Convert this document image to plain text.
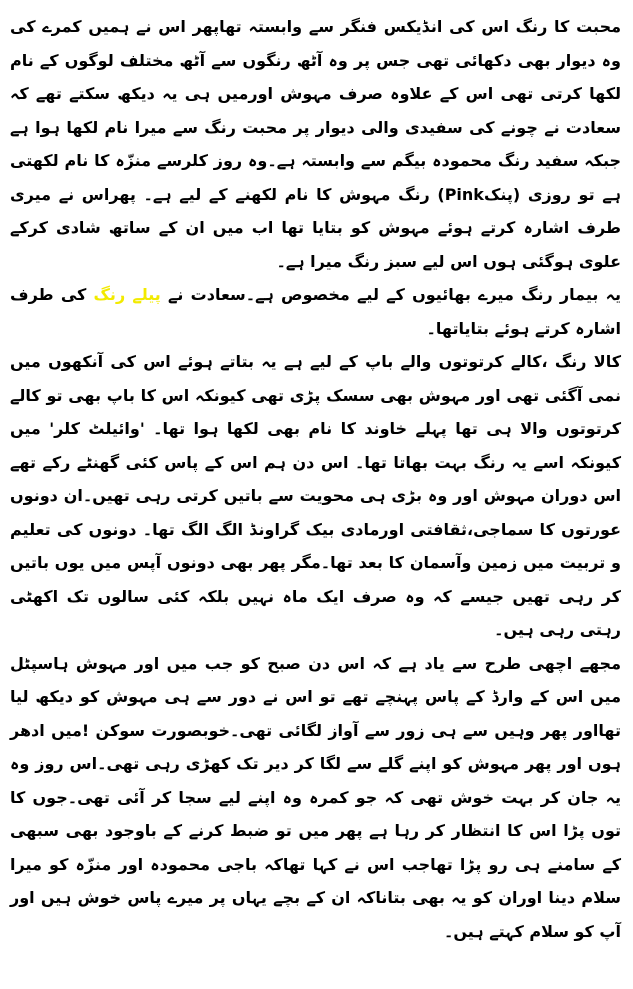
محبت کا رنگ اس کی انڈیکس فنگر سے وابستہ تھاپھر اس نے ہمیں کمرے کی وہ دیوار بھی دکھائی تھی جس پر وہ آٹھ رنگوں سے آٹھ مختلف لوگوں کے نام لکھا کرتی تھی اس کے علاوہ صرف مہوش اورمیں ہی یہ دیکھ سکتے تھے کہ سعادت نے چونے کی سفیدی والی دیوار پر محبت رنگ سے میرا نام لکھا ہوا ہے جبکہ سفید رنگ محمودہ بیگم سے وابستہ ہے۔وہ روز کلرسے منزّہ کا نام لکھتی ہے تو روزی (پنکPink) رنگ مہوش کا نام لکھنے کے لیے ہے۔ پھراس نے میری طرف اشارہ کرتے ہوئے مہوش کو بتایا تھا اب میں ان کے ساتھ شادی کرکے علوی ہوگئی ہوں اس لیے سبز رنگ میرا ہے۔

یہ بیمار رنگ میرے بھائیوں کے لیے مخصوص ہے۔سعادت نے پیلے رنگ کی طرف اشارہ کرتے ہوئے بتایاتھا۔

کالا رنگ ،کالے کرتوتوں والے باپ کے لیے ہے یہ بتاتے ہوئے اس کی آنکھوں میں نمی آگئی تھی اور مہوش بھی سسک پڑی تھی کیونکہ اس کا باپ بھی تو کالے کرتوتوں والا ہی تھا پہلے خاوند کا نام بھی لکھا ہوا تھا۔ 'وائیلٹ کلر' میں کیونکہ اسے یہ رنگ بہت بھاتا تھا۔ اس دن ہم اس کے پاس کئی گھنٹے رکے تھے اس دوران مہوش اور وہ بڑی ہی محویت سے باتیں کرتی رہی تھیں۔ان دونوں عورتوں کا سماجی،ثقافتی اورمادی بیک گراونڈ الگ الگ تھا۔ دونوں کی تعلیم و تربیت میں زمین وآسمان کا بعد تھا۔مگر پھر بھی دونوں آپس میں یوں باتیں کر رہی تھیں جیسے کہ وہ صرف ایک ماہ نہیں بلکہ کئی سالوں تک اکھٹی رہتی رہی ہیں۔

مجھے اچھی طرح سے یاد ہے کہ اس دن صبح کو جب میں اور مہوش ہاسپٹل میں اس کے وارڈ کے پاس پہنچے تھے تو اس نے دور سے ہی مہوش کو دیکھ لیا تھااور پھر وہیں سے ہی زور سے آواز لگائی تھی۔خوبصورت سوکن !میں ادھر ہوں اور پھر مہوش کو اپنے گلے سے لگا کر دیر تک کھڑی رہی تھی۔اس روز وہ یہ جان کر بہت خوش تھی کہ جو کمرہ وہ اپنے لیے سجا کر آئی تھی۔جوں کا توں پڑا اس کا انتظار کر رہا ہے پھر میں تو ضبط کرنے کے باوجود بھی سبھی کے سامنے ہی رو پڑا تھاجب اس نے کہا تھاکہ باجی محمودہ اور منزّہ کو میرا سلام دینا اوران کو یہ بھی بتاناکہ ان کے بچے یہاں پر میرے پاس خوش ہیں اور آپ کو سلام کہتے ہیں۔
